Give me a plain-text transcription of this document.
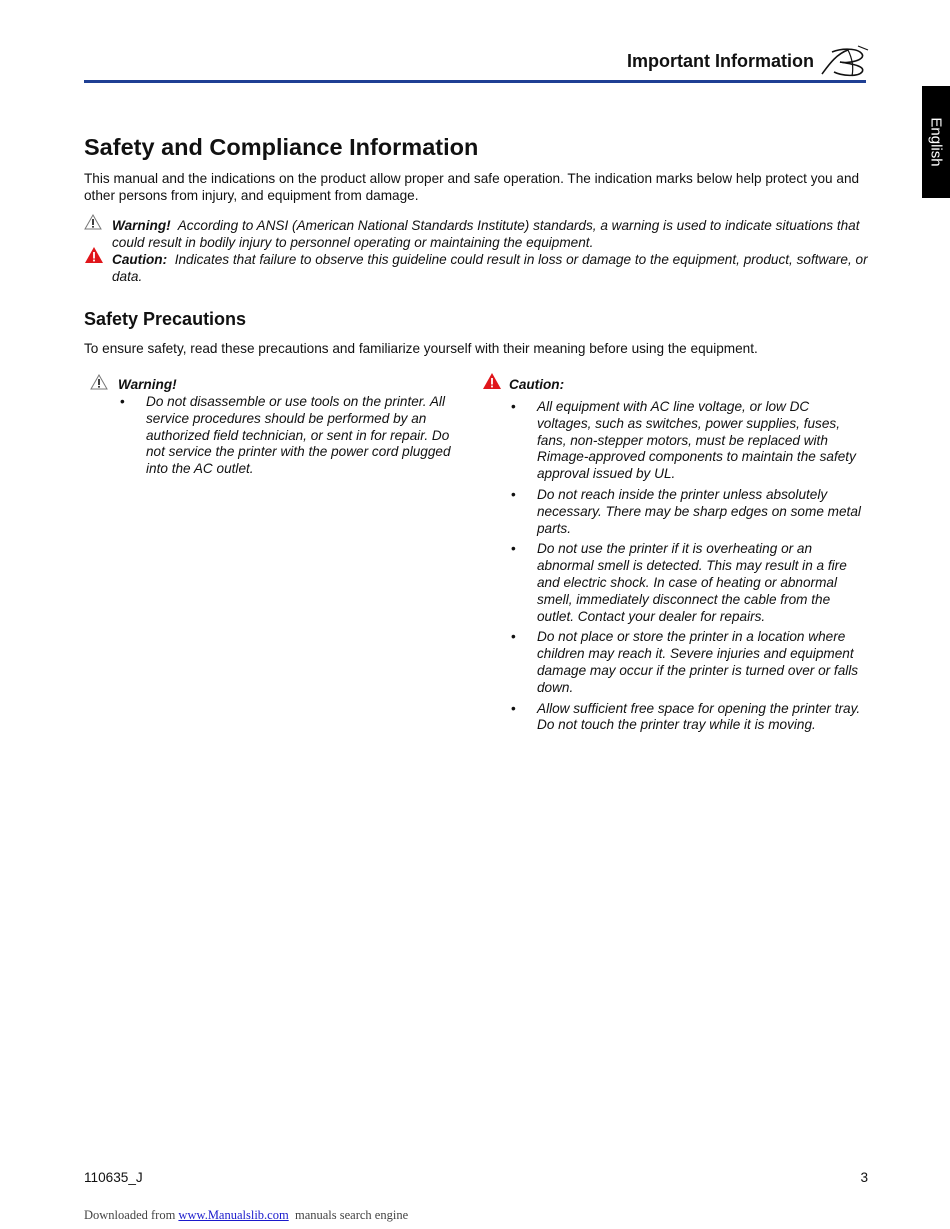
Important Information
English
Safety and Compliance Information

This manual and the indications on the product allow proper and safe operation. The indication marks below help protect you and other persons from injury, and equipment from damage.

Warning! According to ANSI (American National Standards Institute) standards, a warning is used to indicate situations that could result in bodily injury to personnel operating or maintaining the equipment.

Caution: Indicates that failure to observe this guideline could result in loss or damage to the equipment, product, software, or data.

Safety Precautions

To ensure safety, read these precautions and familiarize yourself with their meaning before using the equipment.

Warning!

• Do not disassemble or use tools on the printer. All service procedures should be performed by an authorized field technician, or sent in for repair. Do not service the printer with the power cord plugged into the AC outlet.

Caution:

• All equipment with AC line voltage, or low DC voltages, such as switches, power supplies, fuses, fans, non-stepper motors, must be replaced with Rimage-approved components to maintain the safety approval issued by UL.
• Do not reach inside the printer unless absolutely necessary. There may be sharp edges on some metal parts.
• Do not use the printer if it is overheating or an abnormal smell is detected. This may result in a fire and electric shock. In case of heating or abnormal smell, immediately disconnect the cable from the outlet. Contact your dealer for repairs.
• Do not place or store the printer in a location where children may reach it. Severe injuries and equipment damage may occur if the printer is turned over or falls down.
• Allow sufficient free space for opening the printer tray. Do not touch the printer tray while it is moving.
110635_J	3
Downloaded from www.Manualslib.com manuals search engine
